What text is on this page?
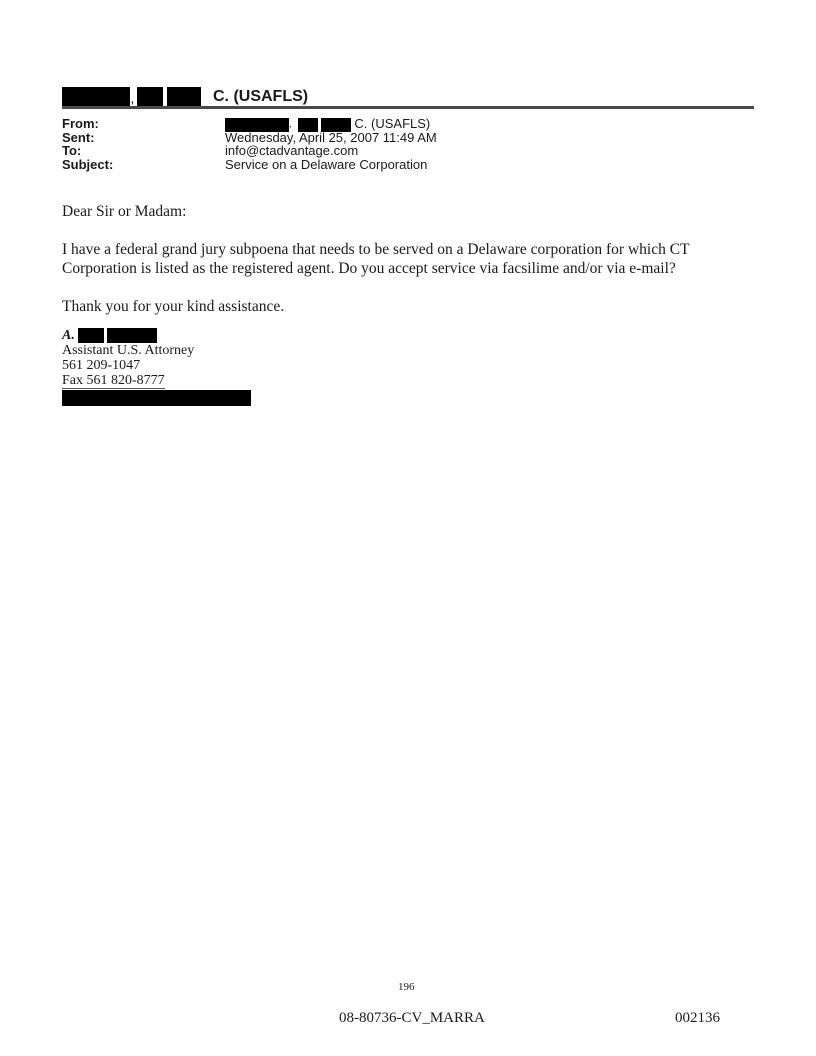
,	C. (USAFLS)
From:	,	C. (USAFLS)
Sent:	Wednesday, April 25, 2007 11:49 AM
To:	info@ctadvantage.com
Subject:	Service on a Delaware Corporation
Dear Sir or Madam:
I have a federal grand jury subpoena that needs to be served on a Delaware corporation for which CT Corporation is listed as the registered agent. Do you accept service via facsilime and/or via e-mail?
Thank you for your kind assistance.
A.
Assistant U.S. Attorney
561 209-1047
Fax 561 820-8777
196
08-80736-CV_MARRA	002136
